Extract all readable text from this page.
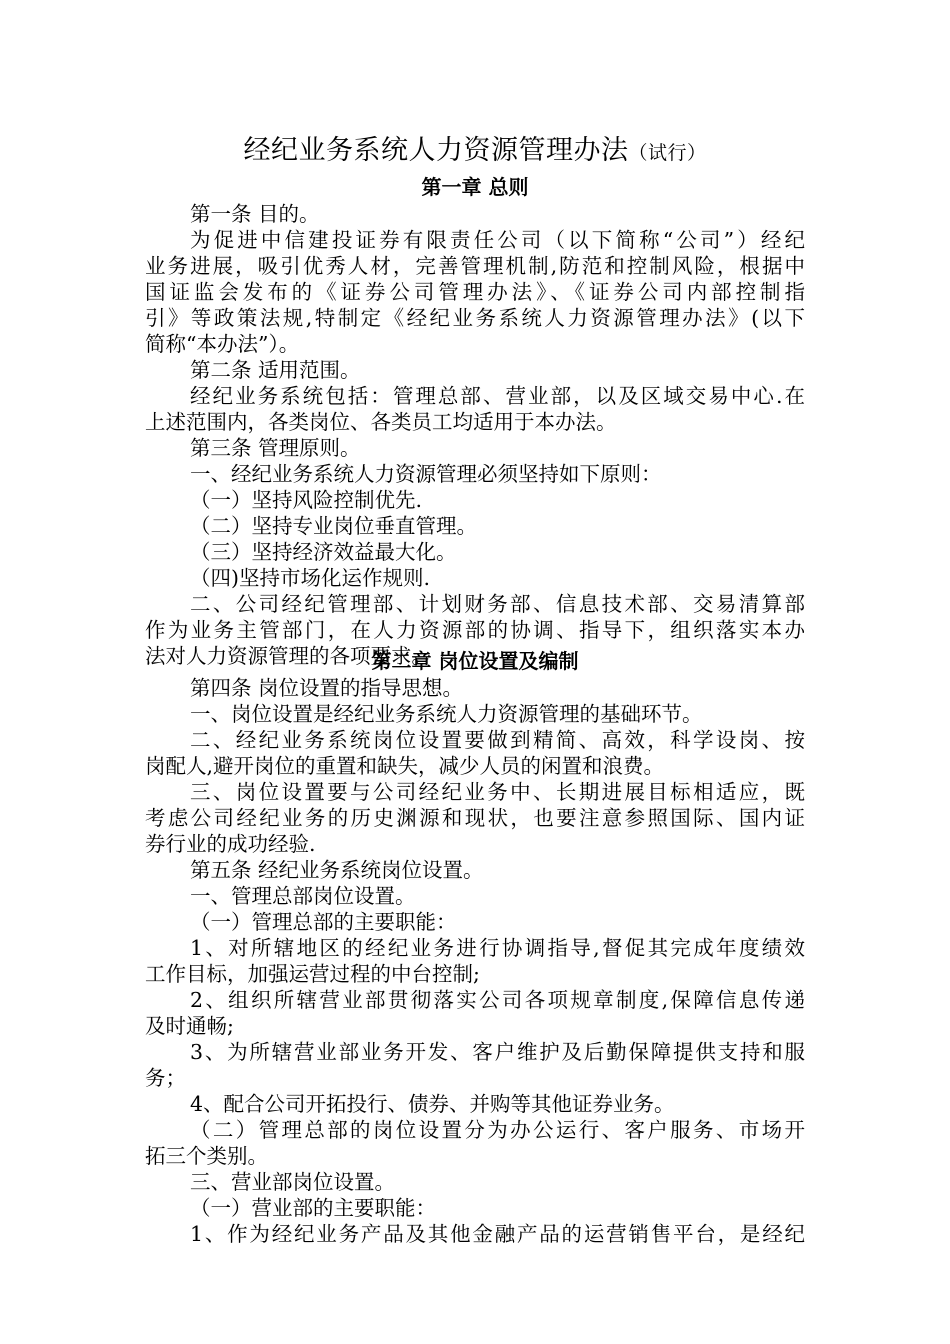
经纪业务系统人力资源管理办法（试行）
第一章 总则
第二章 岗位设置及编制
第一条 目的。
为促进中信建投证券有限责任公司（以下简称“公司”）经纪
业务进展，吸引优秀人材，完善管理机制,防范和控制风险，根据中
国证监会发布的《证券公司管理办法》、《证券公司内部控制指
引》等政策法规,特制定《经纪业务系统人力资源管理办法》(以下
简称“本办法”）。
第二条 适用范围。
经纪业务系统包括：管理总部、营业部，以及区域交易中心.在
上述范围内，各类岗位、各类员工均适用于本办法。
第三条 管理原则。
一、经纪业务系统人力资源管理必须坚持如下原则：
（一）坚持风险控制优先.
（二）坚持专业岗位垂直管理。
（三）坚持经济效益最大化。
（四)坚持市场化运作规则.
二、公司经纪管理部、计划财务部、信息技术部、交易清算部
作为业务主管部门，在人力资源部的协调、指导下，组织落实本办
法对人力资源管理的各项要求。
第四条 岗位设置的指导思想。
一、岗位设置是经纪业务系统人力资源管理的基础环节。
二、经纪业务系统岗位设置要做到精简、高效，科学设岗、按
岗配人,避开岗位的重置和缺失，减少人员的闲置和浪费。
三、岗位设置要与公司经纪业务中、长期进展目标相适应，既
考虑公司经纪业务的历史渊源和现状，也要注意参照国际、国内证
券行业的成功经验.
第五条 经纪业务系统岗位设置。
一、管理总部岗位设置。
（一）管理总部的主要职能：
1、对所辖地区的经纪业务进行协调指导,督促其完成年度绩效
工作目标，加强运营过程的中台控制;
2、组织所辖营业部贯彻落实公司各项规章制度,保障信息传递
及时通畅;
3、为所辖营业部业务开发、客户维护及后勤保障提供支持和服
务；
4、配合公司开拓投行、债券、并购等其他证券业务。
（二）管理总部的岗位设置分为办公运行、客户服务、市场开
拓三个类别。
三、营业部岗位设置。
（一）营业部的主要职能：
1、作为经纪业务产品及其他金融产品的运营销售平台，是经纪
